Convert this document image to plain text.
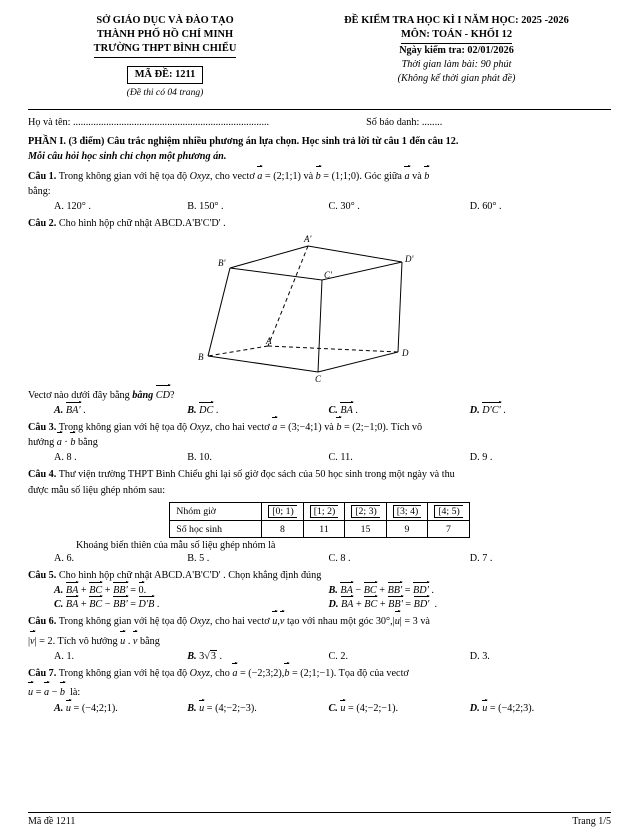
SỞ GIÁO DỤC VÀ ĐÀO TẠO
THÀNH PHỐ HỒ CHÍ MINH
TRƯỜNG THPT BÌNH CHIỂU
MÃ ĐỀ: 1211
(Đề thi có 04 trang)
ĐỀ KIỂM TRA HỌC KÌ I NĂM HỌC: 2025 -2026
MÔN: TOÁN - KHỐI 12
Ngày kiểm tra: 02/01/2026
Thời gian làm bài: 90 phút
(Không kể thời gian phát đề)
Họ và tên: .............................................................................	Số báo danh: ........
PHẦN I. (3 điểm) Câu trắc nghiệm nhiều phương án lựa chọn. Học sinh trả lời từ câu 1 đến câu 12.
Mỗi câu hỏi học sinh chỉ chọn một phương án.
Câu 1. Trong không gian với hệ tọa độ Oxyz, cho vectơ
a = (2;1;1) và
b = (1;1;0). Góc giữa
a và
b
bằng:
A. 120° .	B. 150° .	C. 30° .	D. 60° .
Câu 2. Cho hình hộp chữ nhật ABCD.A'B'C'D' .
A'
B'
C'
D'
A
B
C
D
Vectơ nào dưới đây bằng bằng CD?
A. BA' .	B. DC .	C. BA .	D. D'C' .
Câu 3. Trong không gian với hệ tọa độ Oxyz, cho hai vectơ
a = (3;−4;1) và
b = (2;−1;0). Tích vô
hướng
a ·
b bằng
A. 8 .	B. 10.	C. 11.	D. 9 .
Câu 4. Thư viện trường THPT Bình Chiểu ghi lại số giờ đọc sách của 50 học sinh trong một ngày và thu
được mẫu số liệu ghép nhóm sau:
Nhóm giờ	[0; 1)	[1; 2)	[2; 3)	[3; 4)	[4; 5)
Số học sinh	8	11	15	9	7
Khoảng biến thiên của mẫu số liệu ghép nhóm là
A. 6.	B. 5 .	C. 8 .	D. 7 .
Câu 5. Cho hình hộp chữ nhật ABCD.A'B'C'D' . Chọn khẳng định đúng
A. BA +
BC +
BB' =
0.	B. BA −
BC +
BB' =
BD' .
C. BA +
BC −
BB' =
D'B .	D. BA +
BC +
BB' =
BD'  .
Câu 6. Trong không gian với hệ tọa độ Oxyz, cho hai vectơ
u,
v tạo với nhau một góc 30°,|
u| = 3 và
|
v| = 2. Tích vô hướng
u .
v bằng
A. 1.	B. 3√3 .	C. 2.	D. 3.
Câu 7. Trong không gian với hệ tọa độ Oxyz, cho
a = (−2;3;2),
b = (2;1;−1). Tọa độ của vectơ
u =
a −
b  là:
A. u = (−4;2;1).	B. u = (4;−2;−3).	C. u = (4;−2;−1).	D. u = (−4;2;3).
Mã đề 1211	Trang 1/5
